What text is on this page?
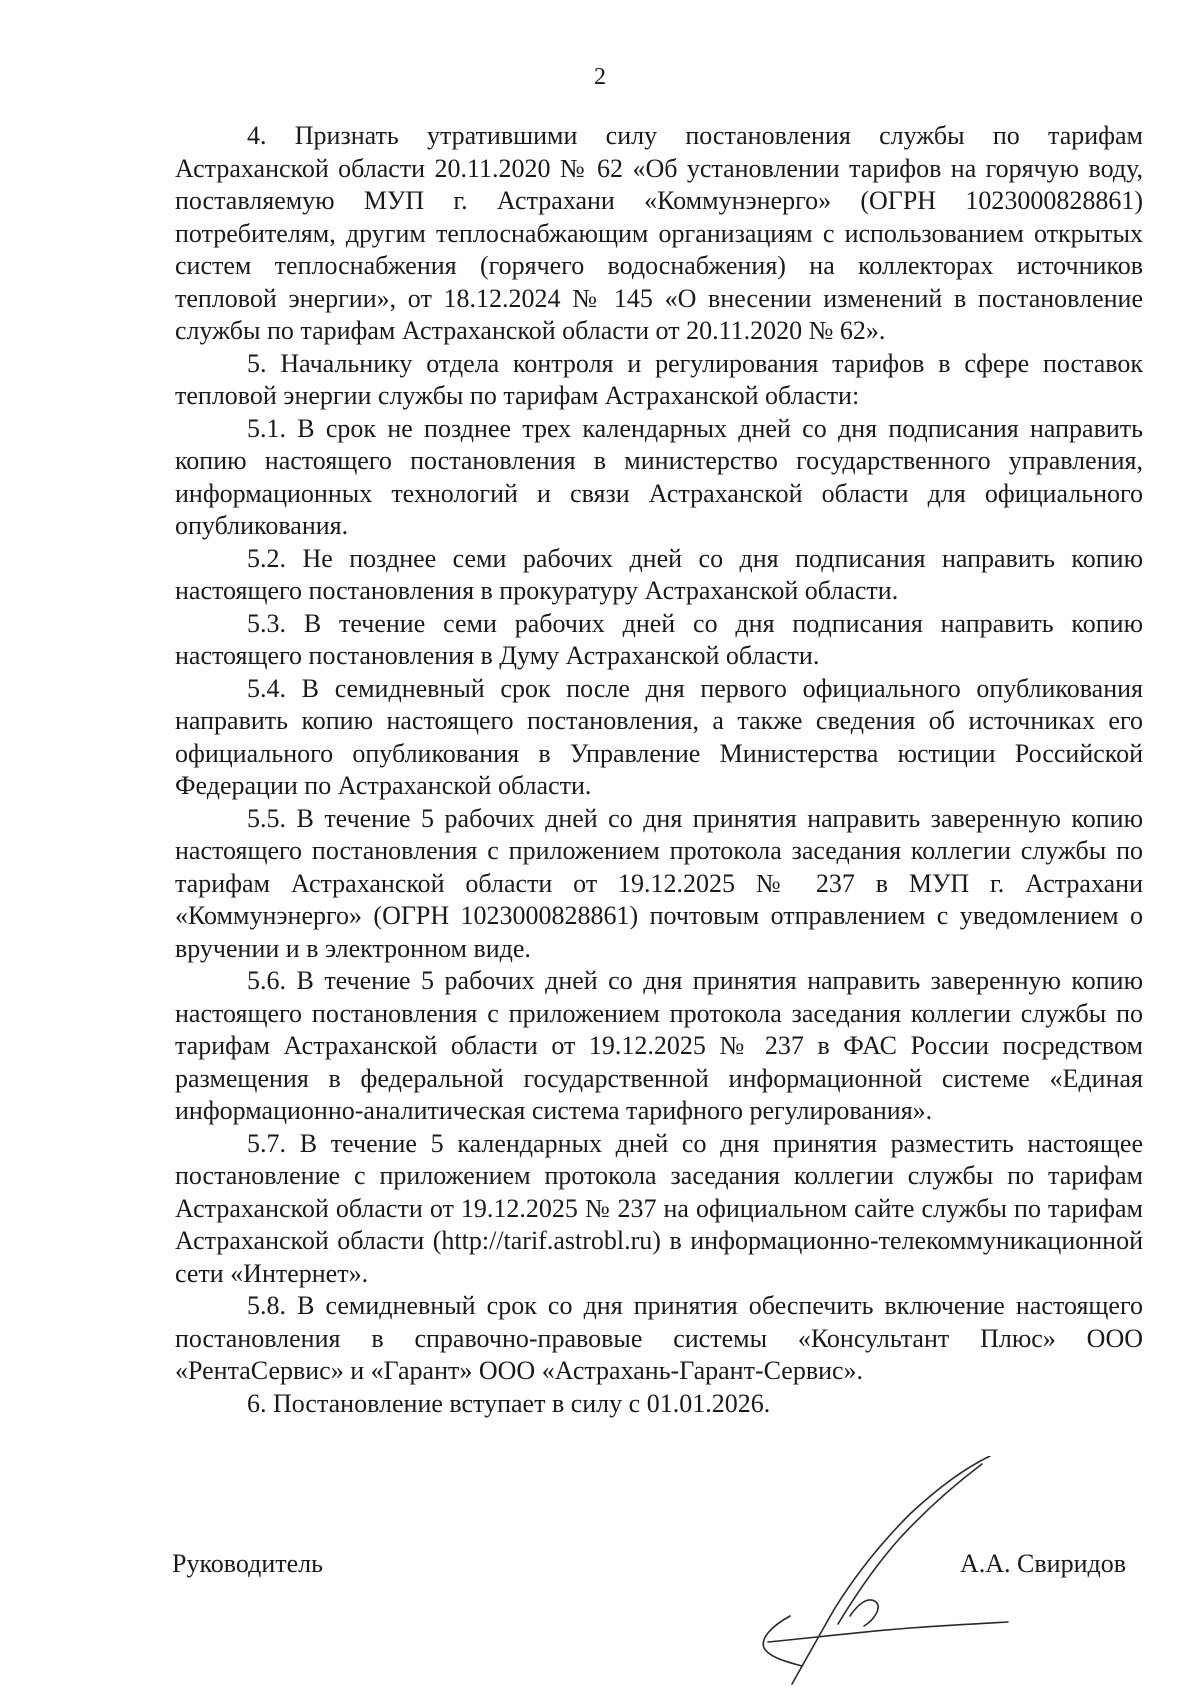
2

4. Признать утратившими силу постановления службы по тарифам Астраханской области 20.11.2020 № 62 «Об установлении тарифов на горячую воду, поставляемую МУП г. Астрахани «Коммунэнерго» (ОГРН 1023000828861) потребителям, другим теплоснабжающим организациям с использованием открытых систем теплоснабжения (горячего водоснабжения) на коллекторах источников тепловой энергии», от 18.12.2024 № 145 «О внесении изменений в постановление службы по тарифам Астраханской области от 20.11.2020 № 62».

5. Начальнику отдела контроля и регулирования тарифов в сфере поставок тепловой энергии службы по тарифам Астраханской области:

5.1. В срок не позднее трех календарных дней со дня подписания направить копию настоящего постановления в министерство государственного управления, информационных технологий и связи Астраханской области для официального опубликования.

5.2. Не позднее семи рабочих дней со дня подписания направить копию настоящего постановления в прокуратуру Астраханской области.

5.3. В течение семи рабочих дней со дня подписания направить копию настоящего постановления в Думу Астраханской области.

5.4. В семидневный срок после дня первого официального опубликования направить копию настоящего постановления, а также сведения об источниках его официального опубликования в Управление Министерства юстиции Российской Федерации по Астраханской области.

5.5. В течение 5 рабочих дней со дня принятия направить заверенную копию настоящего постановления с приложением протокола заседания коллегии службы по тарифам Астраханской области от 19.12.2025 № 237 в МУП г. Астрахани «Коммунэнерго» (ОГРН 1023000828861) почтовым отправлением с уведомлением о вручении и в электронном виде.

5.6. В течение 5 рабочих дней со дня принятия направить заверенную копию настоящего постановления с приложением протокола заседания коллегии службы по тарифам Астраханской области от 19.12.2025 № 237 в ФАС России посредством размещения в федеральной государственной информационной системе «Единая информационно-аналитическая система тарифного регулирования».

5.7. В течение 5 календарных дней со дня принятия разместить настоящее постановление с приложением протокола заседания коллегии службы по тарифам Астраханской области от 19.12.2025 № 237 на официальном сайте службы по тарифам Астраханской области (http://tarif.astrobl.ru) в информационно-телекоммуникационной сети «Интернет».

5.8. В семидневный срок со дня принятия обеспечить включение настоящего постановления в справочно-правовые системы «Консультант Плюс» ООО «РентаСервис» и «Гарант» ООО «Астрахань-Гарант-Сервис».

6. Постановление вступает в силу с 01.01.2026.

Руководитель	А.А. Свиридов
